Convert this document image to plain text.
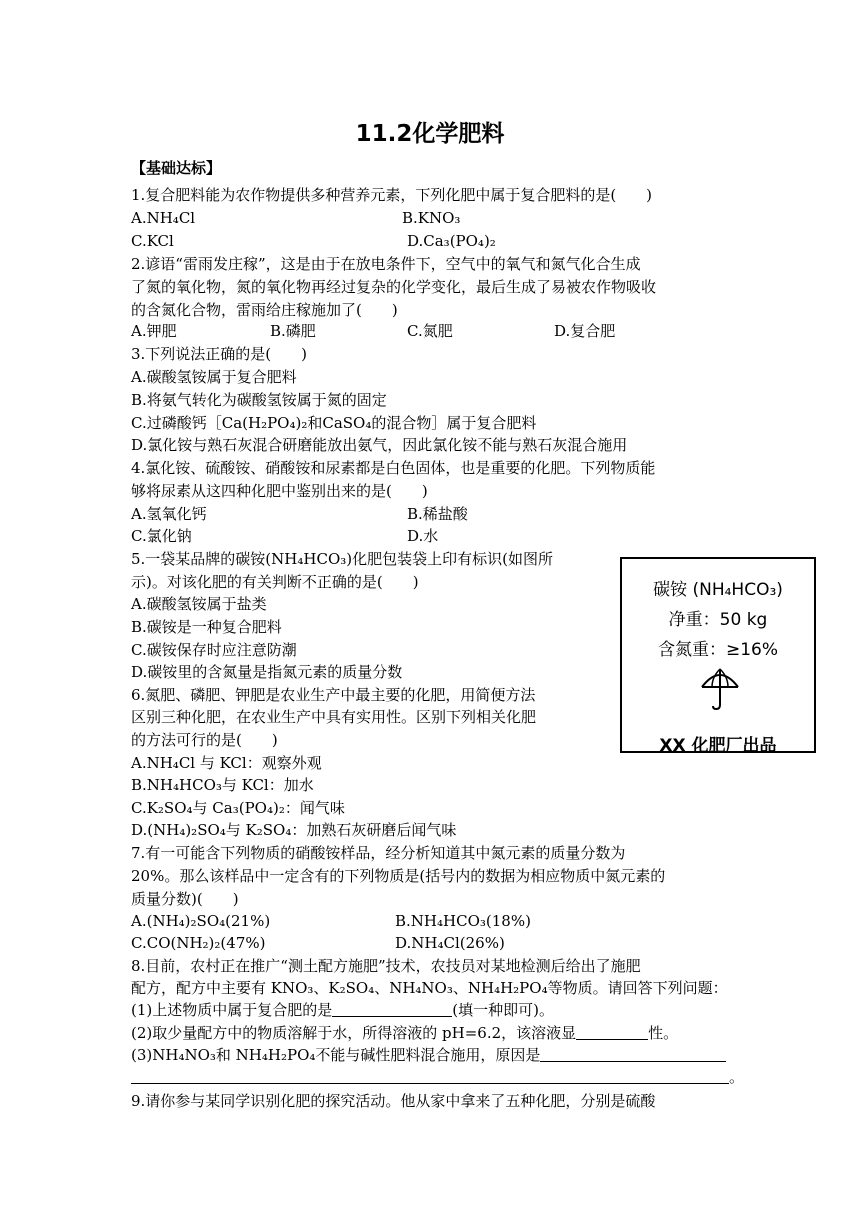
11.2化学肥料
【基础达标】
1.复合肥料能为农作物提供多种营养元素，下列化肥中属于复合肥料的是(　　)
A.NH₄Cl	B.KNO₃
C.KCl	D.Ca₃(PO₄)₂
2.谚语“雷雨发庄稼”，这是由于在放电条件下，空气中的氧气和氮气化合生成
了氮的氧化物，氮的氧化物再经过复杂的化学变化，最后生成了易被农作物吸收
的含氮化合物，雷雨给庄稼施加了(　　)
A.钾肥	B.磷肥	C.氮肥	D.复合肥
3.下列说法正确的是(　　)
A.碳酸氢铵属于复合肥料
B.将氨气转化为碳酸氢铵属于氮的固定
C.过磷酸钙［Ca(H₂PO₄)₂和CaSO₄的混合物］属于复合肥料
D.氯化铵与熟石灰混合研磨能放出氨气，因此氯化铵不能与熟石灰混合施用
4.氯化铵、硫酸铵、硝酸铵和尿素都是白色固体，也是重要的化肥。下列物质能
够将尿素从这四种化肥中鉴别出来的是(　　)
A.氢氧化钙	B.稀盐酸
C.氯化钠	D.水
5.一袋某品牌的碳铵(NH₄HCO₃)化肥包装袋上印有标识(如图所
示)。对该化肥的有关判断不正确的是(　　)
A.碳酸氢铵属于盐类
B.碳铵是一种复合肥料
C.碳铵保存时应注意防潮
D.碳铵里的含氮量是指氮元素的质量分数
碳铵 (NH₄HCO₃)
净重：50 kg
含氮重：≥16%
XX 化肥厂出品
6.氮肥、磷肥、钾肥是农业生产中最主要的化肥，用简便方法
区别三种化肥，在农业生产中具有实用性。区别下列相关化肥
的方法可行的是(　　)
A.NH₄Cl 与 KCl：观察外观
B.NH₄HCO₃与 KCl：加水
C.K₂SO₄与 Ca₃(PO₄)₂：闻气味
D.(NH₄)₂SO₄与 K₂SO₄：加熟石灰研磨后闻气味
7.有一可能含下列物质的硝酸铵样品，经分析知道其中氮元素的质量分数为
20%。那么该样品中一定含有的下列物质是(括号内的数据为相应物质中氮元素的
质量分数)(　　)
A.(NH₄)₂SO₄(21%)	B.NH₄HCO₃(18%)
C.CO(NH₂)₂(47%)	D.NH₄Cl(26%)
8.目前，农村正在推广“测土配方施肥”技术，农技员对某地检测后给出了施肥
配方，配方中主要有 KNO₃、K₂SO₄、NH₄NO₃、NH₄H₂PO₄等物质。请回答下列问题：
(1)上述物质中属于复合肥的是	(填一种即可)。
(2)取少量配方中的物质溶解于水，所得溶液的 pH=6.2，该溶液显	性。
(3)NH₄NO₃和 NH₄H₂PO₄不能与碱性肥料混合施用，原因是
。
9.请你参与某同学识别化肥的探究活动。他从家中拿来了五种化肥，分别是硫酸
